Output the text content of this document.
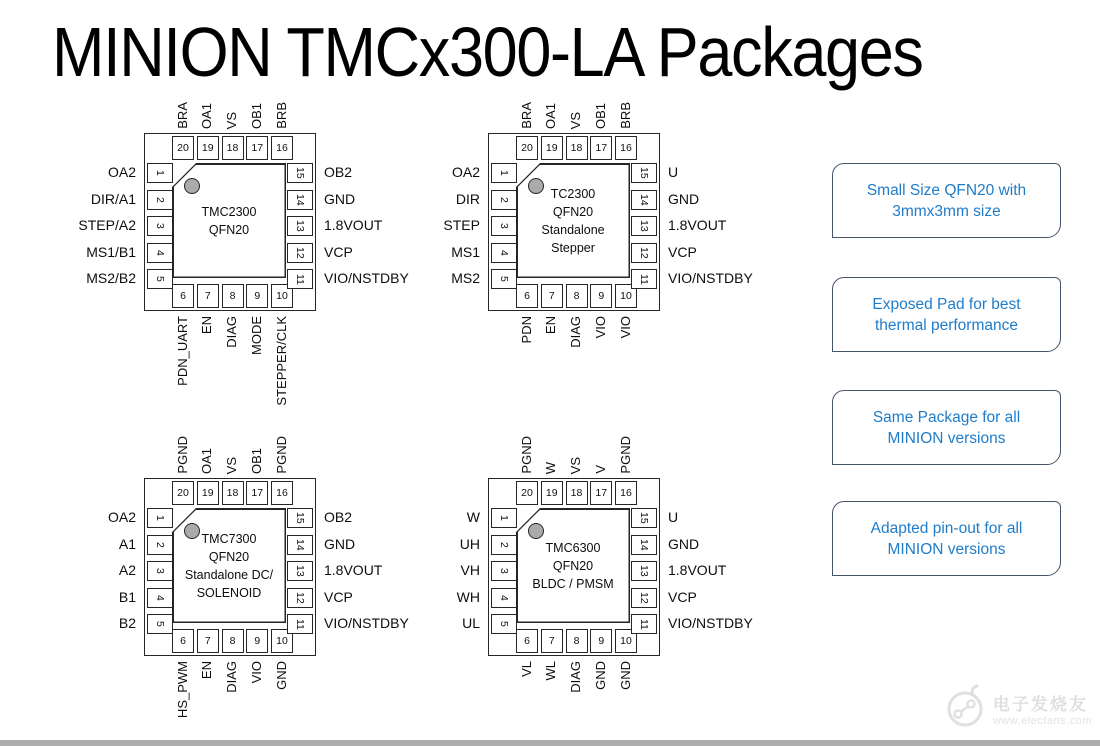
MINION TMCx300-LA Packages
20 19 18 17 16
6 7 8 9 10
1
2
3
4
5
15
14
13
12
11
TMC2300
QFN20
BRA OA1 VS OB1 BRB
PDN_UART EN DIAG MODE STEPPER/CLK
OA2
DIR/A1
STEP/A2
MS1/B1
MS2/B2
OB2
GND
1.8VOUT
VCP
VIO/NSTDBY
20 19 18 17 16
6 7 8 9 10
1
2
3
4
5
15
14
13
12
11
TC2300
QFN20
Standalone
Stepper
BRA OA1 VS OB1 BRB
PDN EN DIAG VIO VIO
OA2
DIR
STEP
MS1
MS2
U
GND
1.8VOUT
VCP
VIO/NSTDBY
20 19 18 17 16
6 7 8 9 10
1
2
3
4
5
15
14
13
12
11
TMC7300
QFN20
Standalone DC/
SOLENOID
PGND OA1 VS OB1 PGND
HS_PWM EN DIAG VIO GND
OA2
A1
A2
B1
B2
OB2
GND
1.8VOUT
VCP
VIO/NSTDBY
20 19 18 17 16
6 7 8 9 10
1
2
3
4
5
15
14
13
12
11
TMC6300
QFN20
BLDC / PMSM
PGND W VS V PGND
VL WL DIAG GND GND
W
UH
VH
WH
UL
U
GND
1.8VOUT
VCP
VIO/NSTDBY
Small Size QFN20 with
3mmx3mm size
Exposed Pad for best
thermal performance
Same Package for all
MINION versions
Adapted pin-out for all
MINION versions
电子发烧友
www.elecfans.com
